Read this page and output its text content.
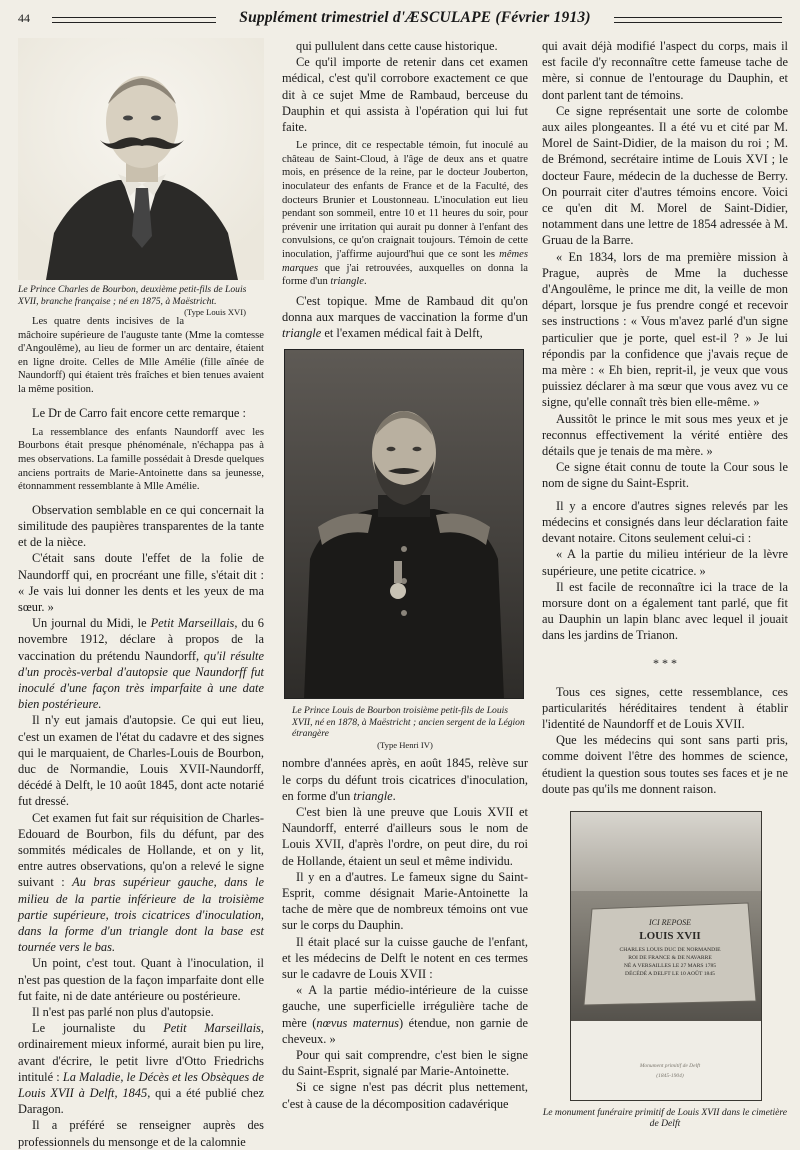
44	Supplément trimestriel d'ÆSCULAPE (Février 1913)

Le Prince Charles de Bourbon, deuxième petit-fils de Louis XVII, branche française ; né en 1875, à Maëstricht.
(Type Louis XVI)

Les quatre dents incisives de la mâchoire supérieure de l'auguste tante (Mme la comtesse d'Angoulême), au lieu de former un arc dentaire, étaient en ligne droite. Celles de Mlle Amélie (fille aînée de Naundorff) qui étaient très fraîches et bien tenues avaient la même position.

Le Dr de Carro fait encore cette remarque :

La ressemblance des enfants Naundorff avec les Bourbons était presque phénoménale, n'échappa pas à mes observations. La famille possédait à Dresde quelques anciens portraits de Marie-Antoinette dans sa jeunesse, étonnamment ressemblante à Mlle Amélie.

Observation semblable en ce qui concernait la similitude des paupières transparentes de la tante et de la nièce.

C'était sans doute l'effet de la folie de Naundorff qui, en procréant une fille, s'était dit : « Je vais lui donner les dents et les yeux de ma sœur. »

Un journal du Midi, le Petit Marseillais, du 6 novembre 1912, déclare à propos de la vaccination du prétendu Naundorff, qu'il résulte d'un procès-verbal d'autopsie que Naundorff fut inoculé d'une façon très imparfaite à une date bien postérieure.

Il n'y eut jamais d'autopsie. Ce qui eut lieu, c'est un examen de l'état du cadavre et des signes qui le marquaient, de Charles-Louis de Bourbon, duc de Normandie, Louis XVII-Naundorff, décédé à Delft, le 10 août 1845, dont acte notarié fut dressé.

Cet examen fut fait sur réquisition de Charles-Edouard de Bourbon, fils du défunt, par des sommités médicales de Hollande, et on y lit, entre autres observations, qu'on a relevé le signe suivant : Au bras supérieur gauche, dans le milieu de la partie inférieure de la troisième partie supérieure, trois cicatrices d'inoculation, dans la forme d'un triangle dont la base est tournée vers le bas.

Un point, c'est tout. Quant à l'inoculation, il n'est pas question de la façon imparfaite dont elle fut faite, ni de date antérieure ou postérieure.

Il n'est pas parlé non plus d'autopsie.

Le journaliste du Petit Marseillais, ordinairement mieux informé, aurait bien pu lire, avant d'écrire, le petit livre d'Otto Friedrichs intitulé : La Maladie, le Décès et les Obsèques de Louis XVII à Delft, 1845, qui a été publié chez Daragon.

Il a préféré se renseigner auprès des professionnels du mensonge et de la calomnie

qui pullulent dans cette cause historique.

Ce qu'il importe de retenir dans cet examen médical, c'est qu'il corrobore exactement ce que dit à ce sujet Mme de Rambaud, berceuse du Dauphin et qui assista à l'opération qui lui fut faite.

Le prince, dit ce respectable témoin, fut inoculé au château de Saint-Cloud, à l'âge de deux ans et quatre mois, en présence de la reine, par le docteur Jouberton, inoculateur des enfants de France et de la Faculté, des docteurs Brunier et Loustonneau. L'inoculation eut lieu pendant son sommeil, entre 10 et 11 heures du soir, pour prévenir une irritation qui aurait pu donner à l'enfant des convulsions, ce qu'on craignait toujours. Témoin de cette inoculation, j'affirme aujourd'hui que ce sont les mêmes marques que j'ai retrouvées, auxquelles on donna la forme d'un triangle.

C'est topique. Mme de Rambaud dit qu'on donna aux marques de vaccination la forme d'un triangle et l'examen médical fait à Delft,

Le Prince Louis de Bourbon troisième petit-fils de Louis XVII, né en 1878, à Maëstricht ; ancien sergent de la Légion étrangère

(Type Henri IV)

nombre d'années après, en août 1845, relève sur le corps du défunt trois cicatrices d'inoculation, en forme d'un triangle.

C'est bien là une preuve que Louis XVII et Naundorff, enterré d'ailleurs sous le nom de Louis XVII, d'après l'ordre, on peut dire, du roi de Hollande, étaient un seul et même individu.

Il y en a d'autres. Le fameux signe du Saint-Esprit, comme désignait Marie-Antoinette la tache de mère que de nombreux témoins ont vue sur le corps du Dauphin.

Il était placé sur la cuisse gauche de l'enfant, et les médecins de Delft le notent en ces termes sur le cadavre de Louis XVII :

« A la partie médio-intérieure de la cuisse gauche, une superficielle irrégulière tache de mère (nœvus maternus) étendue, non garnie de cheveux. »

Pour qui sait comprendre, c'est bien le signe du Saint-Esprit, signalé par Marie-Antoinette.

Si ce signe n'est pas décrit plus nettement, c'est à cause de la décomposition cadavérique

qui avait déjà modifié l'aspect du corps, mais il est facile d'y reconnaître cette fameuse tache de mère, si connue de l'entourage du Dauphin, et dont parlent tant de témoins.

Ce signe représentait une sorte de colombe aux ailes plongeantes. Il a été vu et cité par M. Morel de Saint-Didier, de la maison du roi ; M. de Brémond, secrétaire intime de Louis XVI ; le docteur Faure, médecin de la duchesse de Berry. On pourrait citer d'autres témoins encore. Voici ce qu'en dit M. Morel de Saint-Didier, notamment dans une lettre de 1854 adressée à M. Gruau de la Barre.

« En 1834, lors de ma première mission à Prague, auprès de Mme la duchesse d'Angoulême, le prince me dit, la veille de mon départ, lorsque je fus prendre congé et recevoir ses instructions : « Vous m'avez parlé d'un signe particulier que je porte, quel est-il ? » Je lui répondis par la confidence que j'avais reçue de ma mère : « Eh bien, reprit-il, je veux que vous puissiez déclarer à ma sœur que vous avez vu ce signe, qu'elle connaît très bien elle-même. »

Aussitôt le prince le mit sous mes yeux et je reconnus effectivement la vérité entière des détails que je tenais de ma mère. »

Ce signe était connu de toute la Cour sous le nom de signe du Saint-Esprit.

Il y a encore d'autres signes relevés par les médecins et consignés dans leur déclaration faite devant notaire. Citons seulement celui-ci :

« A la partie du milieu intérieur de la lèvre supérieure, une petite cicatrice. »

Il est facile de reconnaître ici la trace de la morsure dont on a également tant parlé, que fit au Dauphin un lapin blanc avec lequel il jouait dans les jardins de Trianon.

* * *

Tous ces signes, cette ressemblance, ces particularités héréditaires tendent à établir l'identité de Naundorff et de Louis XVII.

Que les médecins qui sont sans parti pris, comme doivent l'être des hommes de science, étudient la question sous toutes ses faces et je ne doute pas qu'ils me donnent raison.

ICI REPOSE
LOUIS XVII
CHARLES LOUIS DUC DE NORMANDIE
ROI DE FRANCE & DE NAVARRE
NÉ A VERSAILLES LE 27 MARS 1785
DÉCÉDÉ A DELFT LE 10 AOÛT 1845
Monument primitif de Delft
(1845-1904)
Le monument funéraire primitif de Louis XVII dans le cimetière de Delft
